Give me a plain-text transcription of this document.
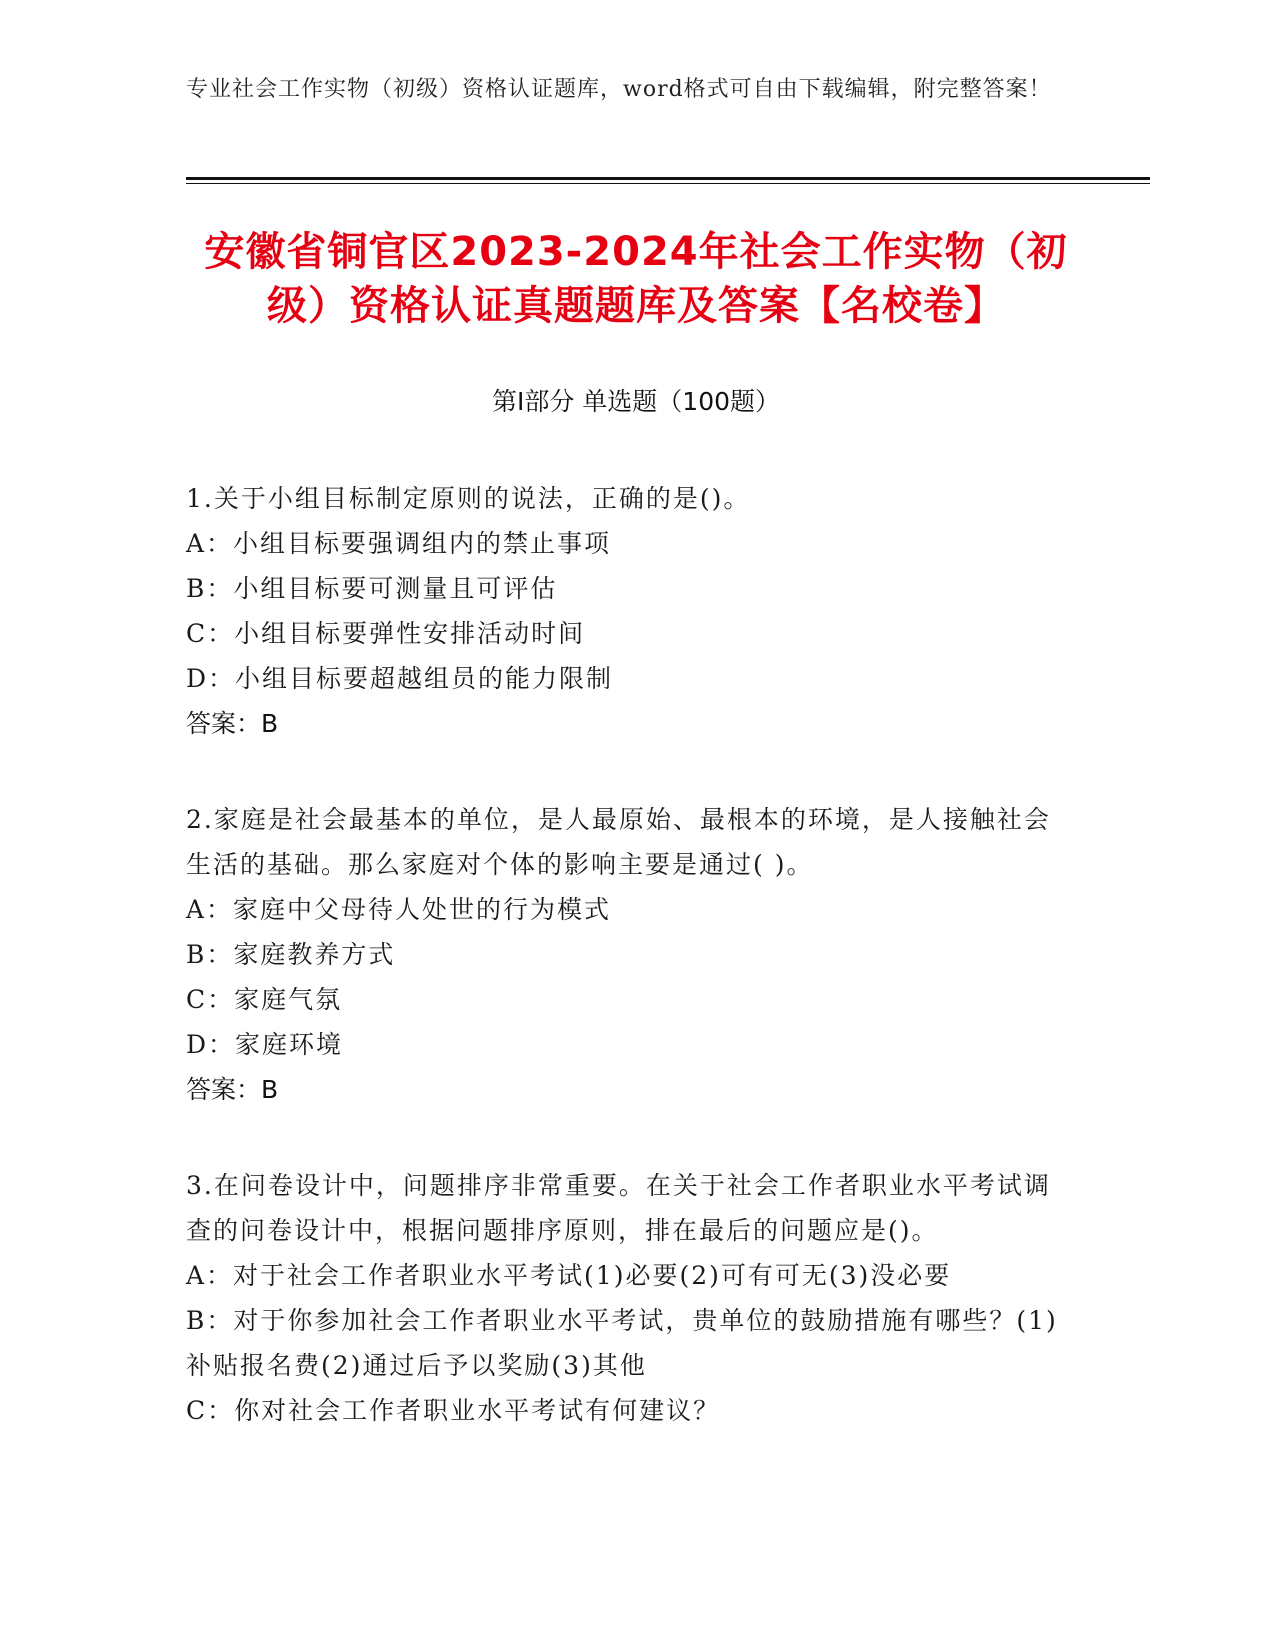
专业社会工作实物（初级）资格认证题库，word格式可自由下载编辑，附完整答案！
安徽省铜官区2023-2024年社会工作实物（初级）资格认证真题题库及答案【名校卷】
第Ⅰ部分 单选题（100题）
1.关于小组目标制定原则的说法，正确的是()。
A：小组目标要强调组内的禁止事项
B：小组目标要可测量且可评估
C：小组目标要弹性安排活动时间
D：小组目标要超越组员的能力限制
答案：B
2.家庭是社会最基本的单位，是人最原始、最根本的环境，是人接触社会生活的基础。那么家庭对个体的影响主要是通过( )。
A：家庭中父母待人处世的行为模式
B：家庭教养方式
C：家庭气氛
D：家庭环境
答案：B
3.在问卷设计中，问题排序非常重要。在关于社会工作者职业水平考试调查的问卷设计中，根据问题排序原则，排在最后的问题应是()。
A：对于社会工作者职业水平考试(1)必要(2)可有可无(3)没必要
B：对于你参加社会工作者职业水平考试，贵单位的鼓励措施有哪些？(1)补贴报名费(2)通过后予以奖励(3)其他
C：你对社会工作者职业水平考试有何建议？
